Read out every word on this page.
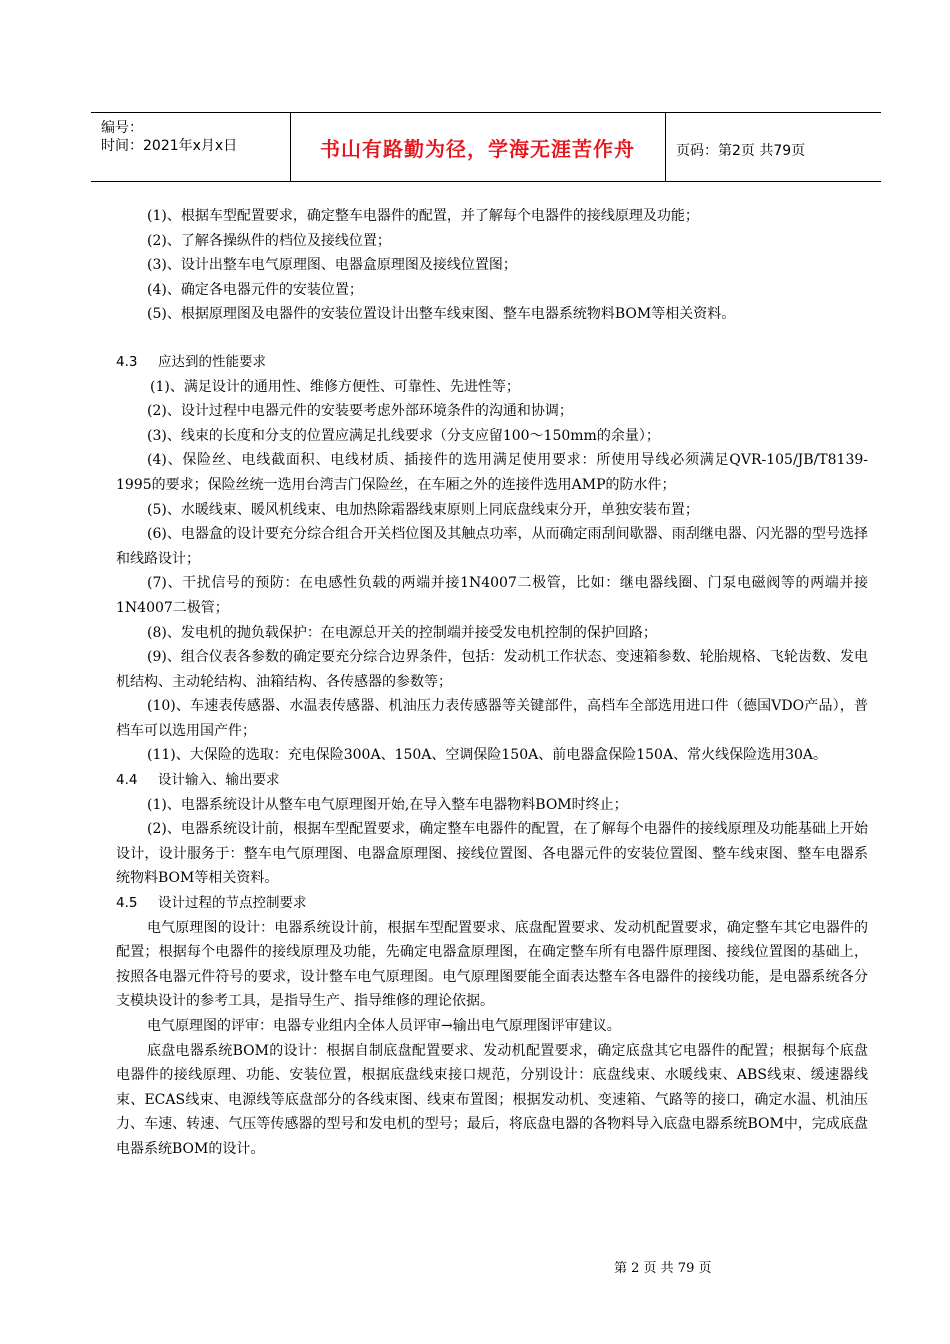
编号：
时间：2021年x月x日	书山有路勤为径，学海无涯苦作舟	页码：第2页 共79页

(1)、根据车型配置要求，确定整车电器件的配置，并了解每个电器件的接线原理及功能；

(2)、了解各操纵件的档位及接线位置；

(3)、设计出整车电气原理图、电器盒原理图及接线位置图；

(4)、确定各电器元件的安装位置；

(5)、根据原理图及电器件的安装位置设计出整车线束图、整车电器系统物料BOM等相关资料。

4.3 应达到的性能要求

(1)、满足设计的通用性、维修方便性、可靠性、先进性等；

(2)、设计过程中电器元件的安装要考虑外部环境条件的沟通和协调；

(3)、线束的长度和分支的位置应满足扎线要求（分支应留100～150mm的余量）；

(4)、保险丝、电线截面积、电线材质、插接件的选用满足使用要求：所使用导线必须满足QVR-105/JB/T8139-1995的要求；保险丝统一选用台湾吉门保险丝，在车厢之外的连接件选用AMP的防水件；

(5)、水暖线束、暖风机线束、电加热除霜器线束原则上同底盘线束分开，单独安装布置；

(6)、电器盒的设计要充分综合组合开关档位图及其触点功率，从而确定雨刮间歇器、雨刮继电器、闪光器的型号选择和线路设计；

(7)、干扰信号的预防：在电感性负载的两端并接1N4007二极管，比如：继电器线圈、门泵电磁阀等的两端并接1N4007二极管；

(8)、发电机的抛负载保护：在电源总开关的控制端并接受发电机控制的保护回路；

(9)、组合仪表各参数的确定要充分综合边界条件，包括：发动机工作状态、变速箱参数、轮胎规格、飞轮齿数、发电机结构、主动轮结构、油箱结构、各传感器的参数等；

(10)、车速表传感器、水温表传感器、机油压力表传感器等关键部件，高档车全部选用进口件（德国VDO产品），普档车可以选用国产件；

(11)、大保险的选取：充电保险300A、150A、空调保险150A、前电器盒保险150A、常火线保险选用30A。

4.4 设计输入、输出要求

(1)、电器系统设计从整车电气原理图开始,在导入整车电器物料BOM时终止；

(2)、电器系统设计前，根据车型配置要求，确定整车电器件的配置，在了解每个电器件的接线原理及功能基础上开始设计，设计服务于：整车电气原理图、电器盒原理图、接线位置图、各电器元件的安装位置图、整车线束图、整车电器系统物料BOM等相关资料。

4.5 设计过程的节点控制要求

电气原理图的设计：电器系统设计前，根据车型配置要求、底盘配置要求、发动机配置要求，确定整车其它电器件的配置；根据每个电器件的接线原理及功能，先确定电器盒原理图，在确定整车所有电器件原理图、接线位置图的基础上，按照各电器元件符号的要求，设计整车电气原理图。电气原理图要能全面表达整车各电器件的接线功能，是电器系统各分支模块设计的参考工具，是指导生产、指导维修的理论依据。

电气原理图的评审：电器专业组内全体人员评审→输出电气原理图评审建议。

底盘电器系统BOM的设计：根据自制底盘配置要求、发动机配置要求，确定底盘其它电器件的配置；根据每个底盘电器件的接线原理、功能、安装位置，根据底盘线束接口规范，分别设计：底盘线束、水暖线束、ABS线束、缓速器线束、ECAS线束、电源线等底盘部分的各线束图、线束布置图；根据发动机、变速箱、气路等的接口，确定水温、机油压力、车速、转速、气压等传感器的型号和发电机的型号；最后，将底盘电器的各物料导入底盘电器系统BOM中，完成底盘电器系统BOM的设计。

第 2 页 共 79 页
